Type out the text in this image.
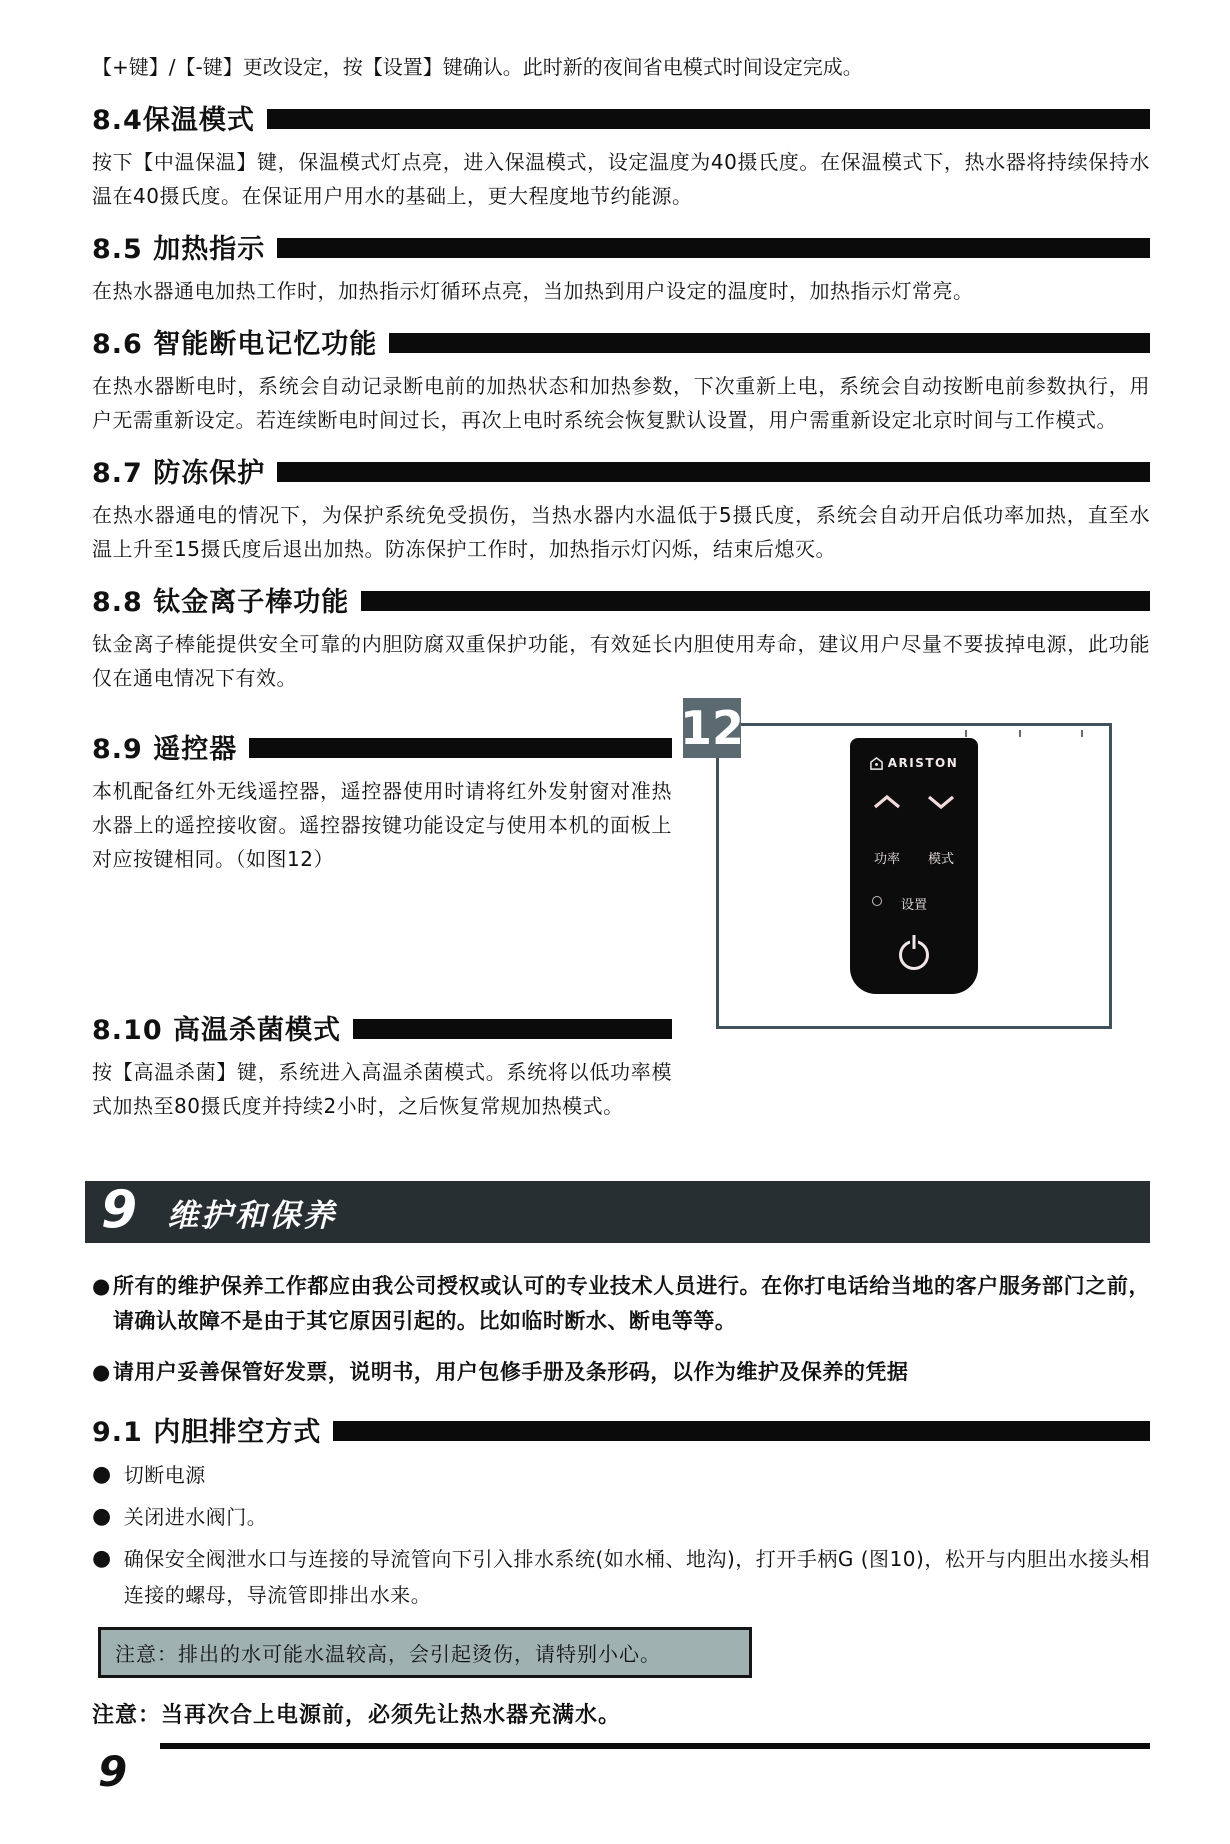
【+键】/【-键】更改设定，按【设置】键确认。此时新的夜间省电模式时间设定完成。

8.4保温模式

按下【中温保温】键，保温模式灯点亮，进入保温模式，设定温度为40摄氏度。在保温模式下，热水器将持续保持水温在40摄氏度。在保证用户用水的基础上，更大程度地节约能源。

8.5 加热指示

在热水器通电加热工作时，加热指示灯循环点亮，当加热到用户设定的温度时，加热指示灯常亮。

8.6 智能断电记忆功能

在热水器断电时，系统会自动记录断电前的加热状态和加热参数，下次重新上电，系统会自动按断电前参数执行，用户无需重新设定。若连续断电时间过长，再次上电时系统会恢复默认设置，用户需重新设定北京时间与工作模式。

8.7 防冻保护

在热水器通电的情况下，为保护系统免受损伤，当热水器内水温低于5摄氏度，系统会自动开启低功率加热，直至水温上升至15摄氏度后退出加热。防冻保护工作时，加热指示灯闪烁，结束后熄灭。

8.8 钛金离子棒功能

钛金离子棒能提供安全可靠的内胆防腐双重保护功能，有效延长内胆使用寿命，建议用户尽量不要拔掉电源，此功能仅在通电情况下有效。

8.9 遥控器

本机配备红外无线遥控器，遥控器使用时请将红外发射窗对准热水器上的遥控接收窗。遥控器按键功能设定与使用本机的面板上对应按键相同。（如图12）

8.10 高温杀菌模式

按【高温杀菌】键，系统进入高温杀菌模式。系统将以低功率模式加热至80摄氏度并持续2小时，之后恢复常规加热模式。

12
ARISTON
功率 模式
设置
9 维护和保养
● 所有的维护保养工作都应由我公司授权或认可的专业技术人员进行。在你打电话给当地的客户服务部门之前，请确认故障不是由于其它原因引起的。比如临时断水、断电等等。
● 请用户妥善保管好发票，说明书，用户包修手册及条形码，以作为维护及保养的凭据
9.1 内胆排空方式
● 切断电源
● 关闭进水阀门。
● 确保安全阀泄水口与连接的导流管向下引入排水系统(如水桶、地沟)，打开手柄G (图10)，松开与内胆出水接头相连接的螺母，导流管即排出水来。
注意：排出的水可能水温较高，会引起烫伤，请特别小心。

注意：当再次合上电源前，必须先让热水器充满水。

9
